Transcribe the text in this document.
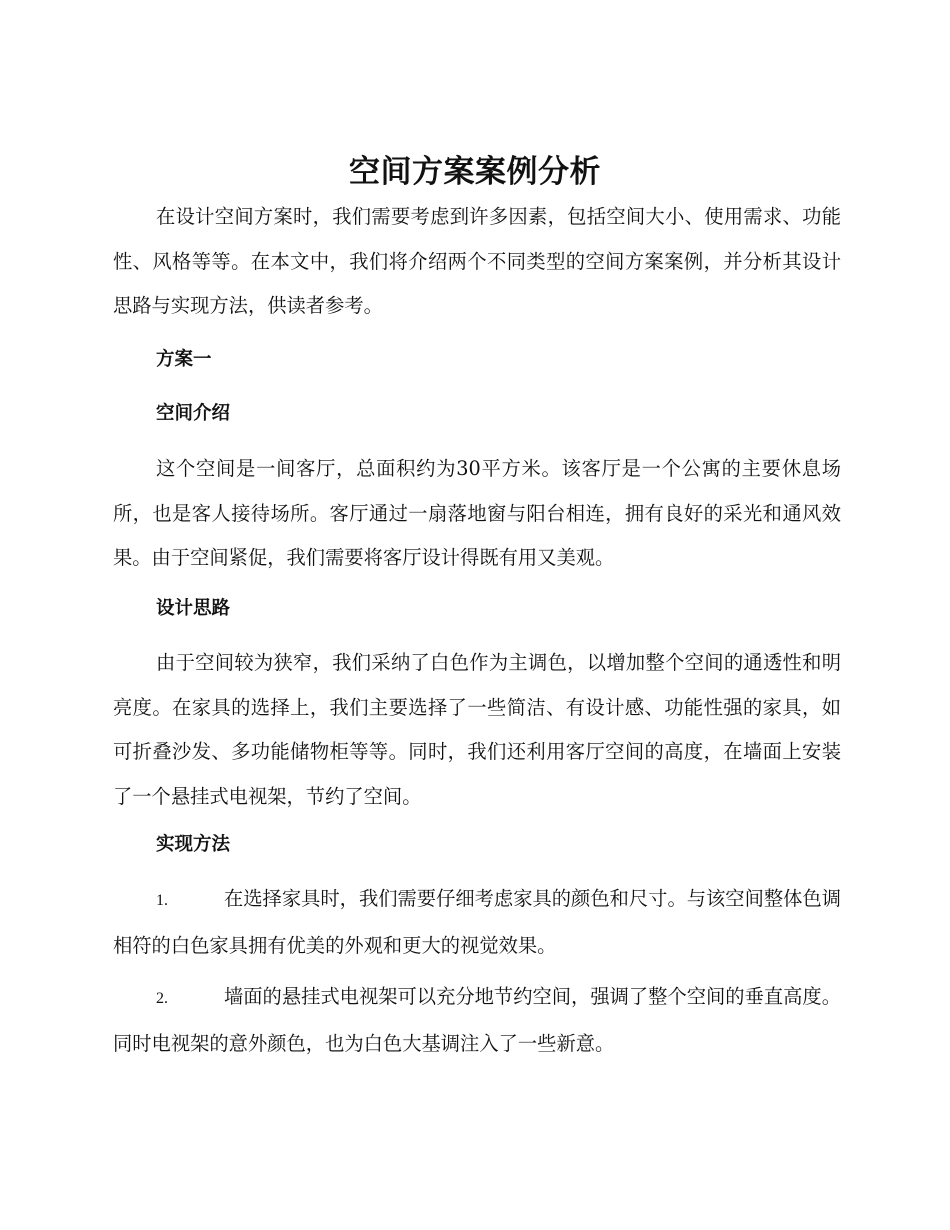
空间方案案例分析

在设计空间方案时，我们需要考虑到许多因素，包括空间大小、使用需求、功能性、风格等等。在本文中，我们将介绍两个不同类型的空间方案案例，并分析其设计思路与实现方法，供读者参考。

方案一
空间介绍

这个空间是一间客厅，总面积约为30平方米。该客厅是一个公寓的主要休息场所，也是客人接待场所。客厅通过一扇落地窗与阳台相连，拥有良好的采光和通风效果。由于空间紧促，我们需要将客厅设计得既有用又美观。

设计思路

由于空间较为狭窄，我们采纳了白色作为主调色，以增加整个空间的通透性和明亮度。在家具的选择上，我们主要选择了一些简洁、有设计感、功能性强的家具，如可折叠沙发、多功能储物柜等等。同时，我们还利用客厅空间的高度，在墙面上安装了一个悬挂式电视架，节约了空间。

实现方法

1.	在选择家具时，我们需要仔细考虑家具的颜色和尺寸。与该空间整体色调相符的白色家具拥有优美的外观和更大的视觉效果。

2.	墙面的悬挂式电视架可以充分地节约空间，强调了整个空间的垂直高度。同时电视架的意外颜色，也为白色大基调注入了一些新意。
